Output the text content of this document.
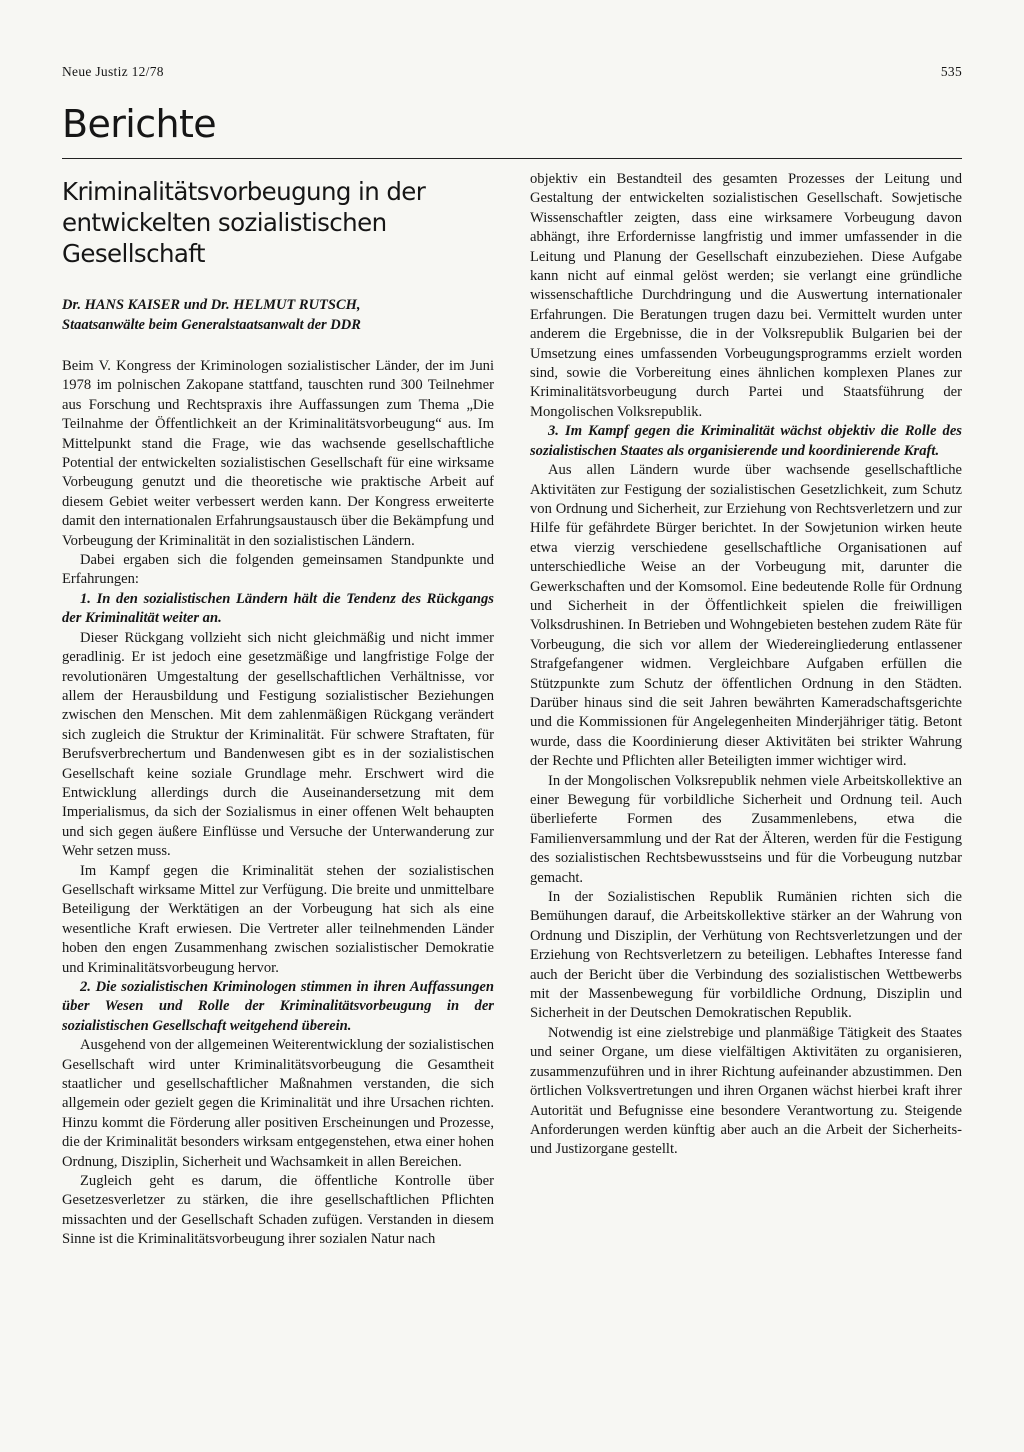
Neue Justiz 12/78	535
Berichte
Kriminalitätsvorbeugung in der entwickelten sozialistischen Gesellschaft
Dr. HANS KAISER und Dr. HELMUT RUTSCH,
Staatsanwälte beim Generalstaatsanwalt der DDR

Beim V. Kongress der Kriminologen sozialistischer Länder, der im Juni 1978 im polnischen Zakopane stattfand, tauschten rund 300 Teilnehmer aus Forschung und Rechtspraxis ihre Auffassungen zum Thema „Die Teilnahme der Öffentlichkeit an der Kriminalitätsvorbeugung“ aus. Im Mittelpunkt stand die Frage, wie das wachsende gesellschaftliche Potential der entwickelten sozialistischen Gesellschaft für eine wirksame Vorbeugung genutzt und die theoretische wie praktische Arbeit auf diesem Gebiet weiter verbessert werden kann. Der Kongress erweiterte damit den internationalen Erfahrungsaustausch über die Bekämpfung und Vorbeugung der Kriminalität in den sozialistischen Ländern.

Dabei ergaben sich die folgenden gemeinsamen Standpunkte und Erfahrungen:

1. In den sozialistischen Ländern hält die Tendenz des Rückgangs der Kriminalität weiter an.

Dieser Rückgang vollzieht sich nicht gleichmäßig und nicht immer geradlinig. Er ist jedoch eine gesetzmäßige und langfristige Folge der revolutionären Umgestaltung der gesellschaftlichen Verhältnisse, vor allem der Herausbildung und Festigung sozialistischer Beziehungen zwischen den Menschen. Mit dem zahlenmäßigen Rückgang verändert sich zugleich die Struktur der Kriminalität. Für schwere Straftaten, für Berufsverbrechertum und Bandenwesen gibt es in der sozialistischen Gesellschaft keine soziale Grundlage mehr. Erschwert wird die Entwicklung allerdings durch die Auseinandersetzung mit dem Imperialismus, da sich der Sozialismus in einer offenen Welt behaupten und sich gegen äußere Einflüsse und Versuche der Unterwanderung zur Wehr setzen muss.

Im Kampf gegen die Kriminalität stehen der sozialistischen Gesellschaft wirksame Mittel zur Verfügung. Die breite und unmittelbare Beteiligung der Werktätigen an der Vorbeugung hat sich als eine wesentliche Kraft erwiesen. Die Vertreter aller teilnehmenden Länder hoben den engen Zusammenhang zwischen sozialistischer Demokratie und Kriminalitätsvorbeugung hervor.

2. Die sozialistischen Kriminologen stimmen in ihren Auffassungen über Wesen und Rolle der Kriminalitätsvorbeugung in der sozialistischen Gesellschaft weitgehend überein.

Ausgehend von der allgemeinen Weiterentwicklung der sozialistischen Gesellschaft wird unter Kriminalitätsvorbeugung die Gesamtheit staatlicher und gesellschaftlicher Maßnahmen verstanden, die sich allgemein oder gezielt gegen die Kriminalität und ihre Ursachen richten. Hinzu kommt die Förderung aller positiven Erscheinungen und Prozesse, die der Kriminalität besonders wirksam entgegenstehen, etwa einer hohen Ordnung, Disziplin, Sicherheit und Wachsamkeit in allen Bereichen.

Zugleich geht es darum, die öffentliche Kontrolle über Gesetzesverletzer zu stärken, die ihre gesellschaftlichen Pflichten missachten und der Gesellschaft Schaden zufügen. Verstanden in diesem Sinne ist die Kriminalitätsvorbeugung ihrer sozialen Natur nach

objektiv ein Bestandteil des gesamten Prozesses der Leitung und Gestaltung der entwickelten sozialistischen Gesellschaft. Sowjetische Wissenschaftler zeigten, dass eine wirksamere Vorbeugung davon abhängt, ihre Erfordernisse langfristig und immer umfassender in die Leitung und Planung der Gesellschaft einzubeziehen. Diese Aufgabe kann nicht auf einmal gelöst werden; sie verlangt eine gründliche wissenschaftliche Durchdringung und die Auswertung internationaler Erfahrungen. Die Beratungen trugen dazu bei. Vermittelt wurden unter anderem die Ergebnisse, die in der Volksrepublik Bulgarien bei der Umsetzung eines umfassenden Vorbeugungsprogramms erzielt worden sind, sowie die Vorbereitung eines ähnlichen komplexen Planes zur Kriminalitätsvorbeugung durch Partei und Staatsführung der Mongolischen Volksrepublik.

3. Im Kampf gegen die Kriminalität wächst objektiv die Rolle des sozialistischen Staates als organisierende und koordinierende Kraft.

Aus allen Ländern wurde über wachsende gesellschaftliche Aktivitäten zur Festigung der sozialistischen Gesetzlichkeit, zum Schutz von Ordnung und Sicherheit, zur Erziehung von Rechtsverletzern und zur Hilfe für gefährdete Bürger berichtet. In der Sowjetunion wirken heute etwa vierzig verschiedene gesellschaftliche Organisationen auf unterschiedliche Weise an der Vorbeugung mit, darunter die Gewerkschaften und der Komsomol. Eine bedeutende Rolle für Ordnung und Sicherheit in der Öffentlichkeit spielen die freiwilligen Volksdrushinen. In Betrieben und Wohngebieten bestehen zudem Räte für Vorbeugung, die sich vor allem der Wiedereingliederung entlassener Strafgefangener widmen. Vergleichbare Aufgaben erfüllen die Stützpunkte zum Schutz der öffentlichen Ordnung in den Städten. Darüber hinaus sind die seit Jahren bewährten Kameradschaftsgerichte und die Kommissionen für Angelegenheiten Minderjähriger tätig. Betont wurde, dass die Koordinierung dieser Aktivitäten bei strikter Wahrung der Rechte und Pflichten aller Beteiligten immer wichtiger wird.

In der Mongolischen Volksrepublik nehmen viele Arbeitskollektive an einer Bewegung für vorbildliche Sicherheit und Ordnung teil. Auch überlieferte Formen des Zusammenlebens, etwa die Familienversammlung und der Rat der Älteren, werden für die Festigung des sozialistischen Rechtsbewusstseins und für die Vorbeugung nutzbar gemacht.

In der Sozialistischen Republik Rumänien richten sich die Bemühungen darauf, die Arbeitskollektive stärker an der Wahrung von Ordnung und Disziplin, der Verhütung von Rechtsverletzungen und der Erziehung von Rechtsverletzern zu beteiligen. Lebhaftes Interesse fand auch der Bericht über die Verbindung des sozialistischen Wettbewerbs mit der Massenbewegung für vorbildliche Ordnung, Disziplin und Sicherheit in der Deutschen Demokratischen Republik.

Notwendig ist eine zielstrebige und planmäßige Tätigkeit des Staates und seiner Organe, um diese vielfältigen Aktivitäten zu organisieren, zusammenzuführen und in ihrer Richtung aufeinander abzustimmen. Den örtlichen Volksvertretungen und ihren Organen wächst hierbei kraft ihrer Autorität und Befugnisse eine besondere Verantwortung zu. Steigende Anforderungen werden künftig aber auch an die Arbeit der Sicherheits- und Justizorgane gestellt.
